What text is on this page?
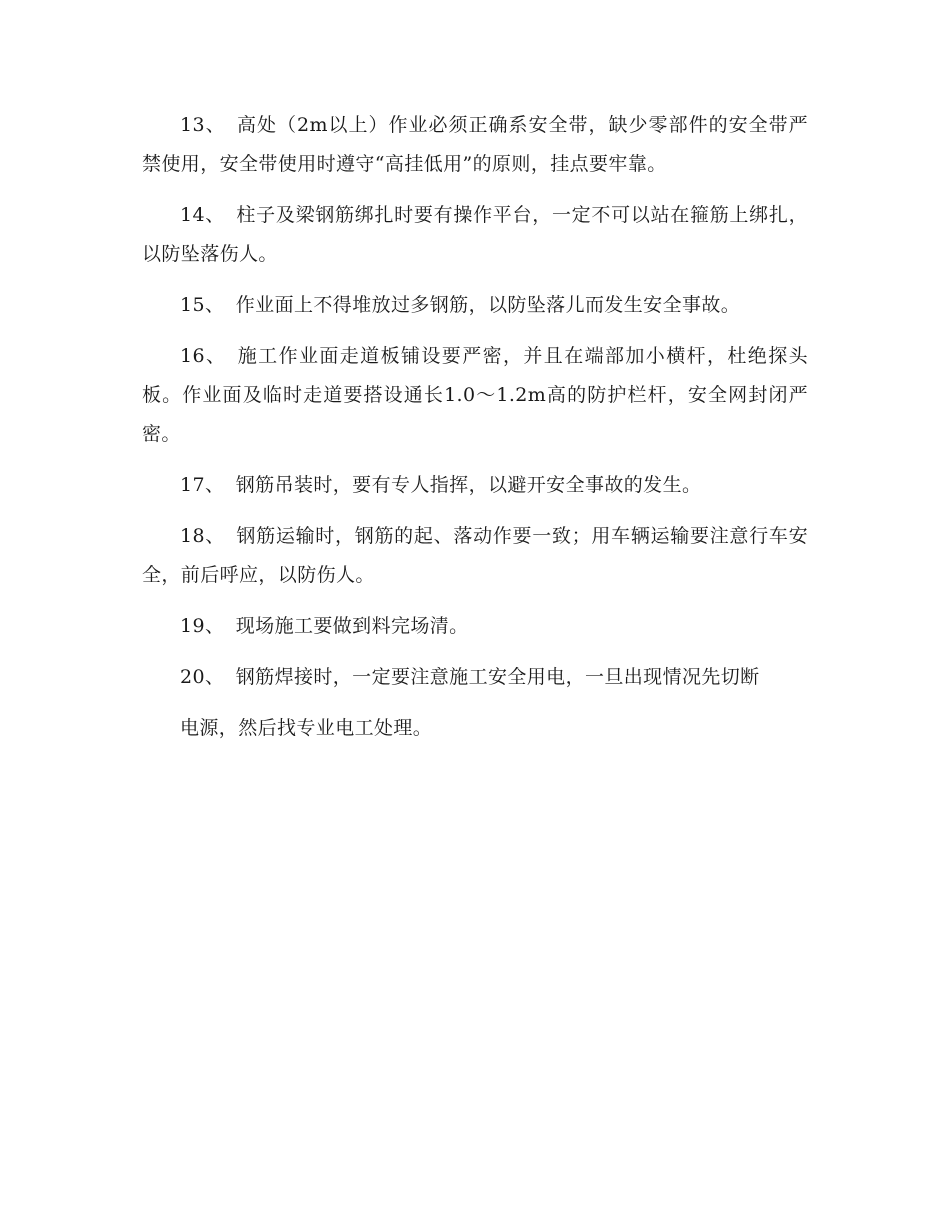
13、 高处（2m以上）作业必须正确系安全带，缺少零部件的安全带严禁使用，安全带使用时遵守“高挂低用”的原则，挂点要牢靠。

14、 柱子及梁钢筋绑扎时要有操作平台，一定不可以站在箍筋上绑扎，以防坠落伤人。

15、 作业面上不得堆放过多钢筋，以防坠落儿而发生安全事故。

16、 施工作业面走道板铺设要严密，并且在端部加小横杆，杜绝探头板。作业面及临时走道要搭设通长1.0～1.2m高的防护栏杆，安全网封闭严密。

17、 钢筋吊装时，要有专人指挥，以避开安全事故的发生。

18、 钢筋运输时，钢筋的起、落动作要一致；用车辆运输要注意行车安全，前后呼应，以防伤人。

19、 现场施工要做到料完场清。

20、 钢筋焊接时，一定要注意施工安全用电，一旦出现情况先切断

电源，然后找专业电工处理。
